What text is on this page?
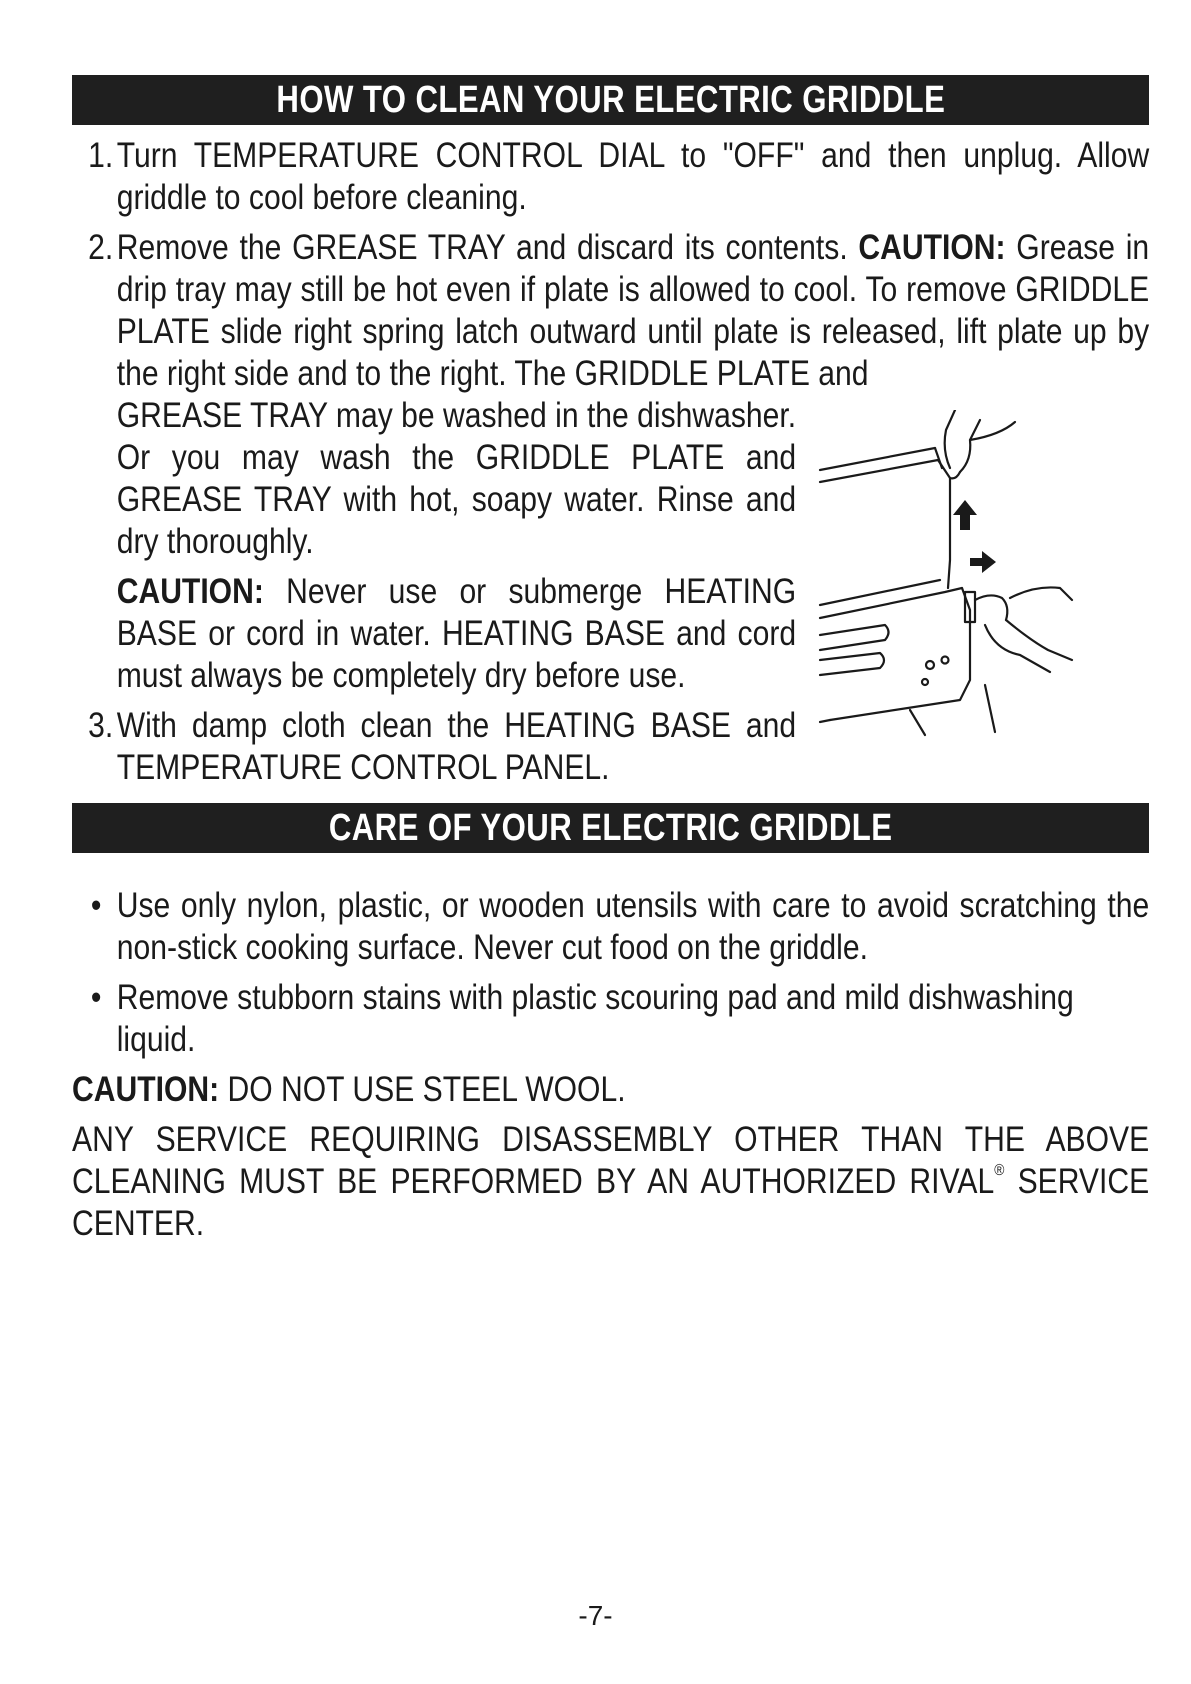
HOW TO CLEAN YOUR ELECTRIC GRIDDLE
1. Turn TEMPERATURE CONTROL DIAL to "OFF" and then unplug. Allow griddle to cool before cleaning.
2. Remove the GREASE TRAY and discard its contents. CAUTION: Grease in drip tray may still be hot even if plate is allowed to cool. To remove GRIDDLE PLATE slide right spring latch outward until plate is released, lift plate up by the right side and to the right. The GRIDDLE PLATE and
GREASE TRAY may be washed in the dishwasher. Or you may wash the GRIDDLE PLATE and GREASE TRAY with hot, soapy water. Rinse and dry thoroughly.
CAUTION: Never use or submerge HEATING BASE or cord in water. HEATING BASE and cord must always be completely dry before use.
3. With damp cloth clean the HEATING BASE and TEMPERATURE CONTROL PANEL.
CARE OF YOUR ELECTRIC GRIDDLE
• Use only nylon, plastic, or wooden utensils with care to avoid scratching the non-stick cooking surface. Never cut food on the griddle.
• Remove stubborn stains with plastic scouring pad and mild dishwashing liquid.
CAUTION: DO NOT USE STEEL WOOL.
ANY SERVICE REQUIRING DISASSEMBLY OTHER THAN THE ABOVE CLEANING MUST BE PERFORMED BY AN AUTHORIZED RIVAL® SERVICE CENTER.
-7-
